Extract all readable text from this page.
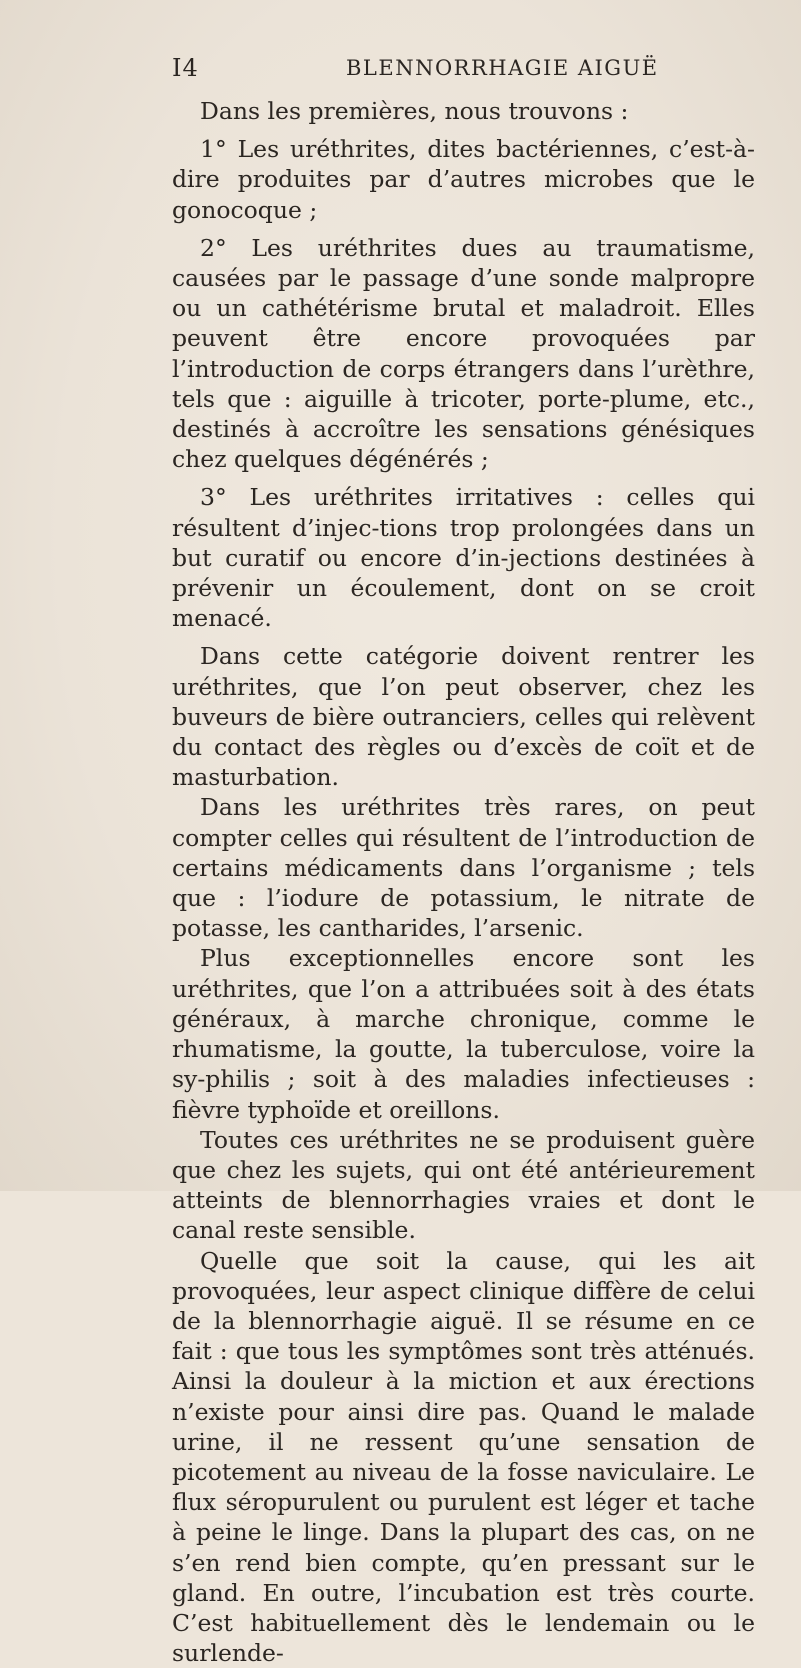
I4	BLENNORRHAGIE AIGUË

Dans les premières, nous trouvons :

1° Les uréthrites, dites bactériennes, c’est-à-dire produites par d’autres microbes que le gonocoque ;

2° Les uréthrites dues au traumatisme, causées par le passage d’une sonde malpropre ou un cathétérisme brutal et maladroit. Elles peuvent être encore provoquées par l’introduction de corps étrangers dans l’urèthre, tels que : aiguille à tricoter, porte-plume, etc., destinés à accroître les sensations génésiques chez quelques dégénérés ;

3° Les uréthrites irritatives : celles qui résultent d’injec-tions trop prolongées dans un but curatif ou encore d’in-jections destinées à prévenir un écoulement, dont on se croit menacé.

Dans cette catégorie doivent rentrer les uréthrites, que l’on peut observer, chez les buveurs de bière outranciers, celles qui relèvent du contact des règles ou d’excès de coït et de masturbation.

Dans les uréthrites très rares, on peut compter celles qui résultent de l’introduction de certains médicaments dans l’organisme ; tels que : l’iodure de potassium, le nitrate de potasse, les cantharides, l’arsenic.

Plus exceptionnelles encore sont les uréthrites, que l’on a attribuées soit à des états généraux, à marche chronique, comme le rhumatisme, la goutte, la tuberculose, voire la sy-philis ; soit à des maladies infectieuses : fièvre typhoïde et oreillons.

Toutes ces uréthrites ne se produisent guère que chez les sujets, qui ont été antérieurement atteints de blennorrhagies vraies et dont le canal reste sensible.

Quelle que soit la cause, qui les ait provoquées, leur aspect clinique diffère de celui de la blennorrhagie aiguë. Il se résume en ce fait : que tous les symptômes sont très atténués. Ainsi la douleur à la miction et aux érections n’existe pour ainsi dire pas. Quand le malade urine, il ne ressent qu’une sensation de picotement au niveau de la fosse naviculaire. Le flux séropurulent ou purulent est léger et tache à peine le linge. Dans la plupart des cas, on ne s’en rend bien compte, qu’en pressant sur le gland. En outre, l’incubation est très courte. C’est habituellement dès le lendemain ou le surlende-
